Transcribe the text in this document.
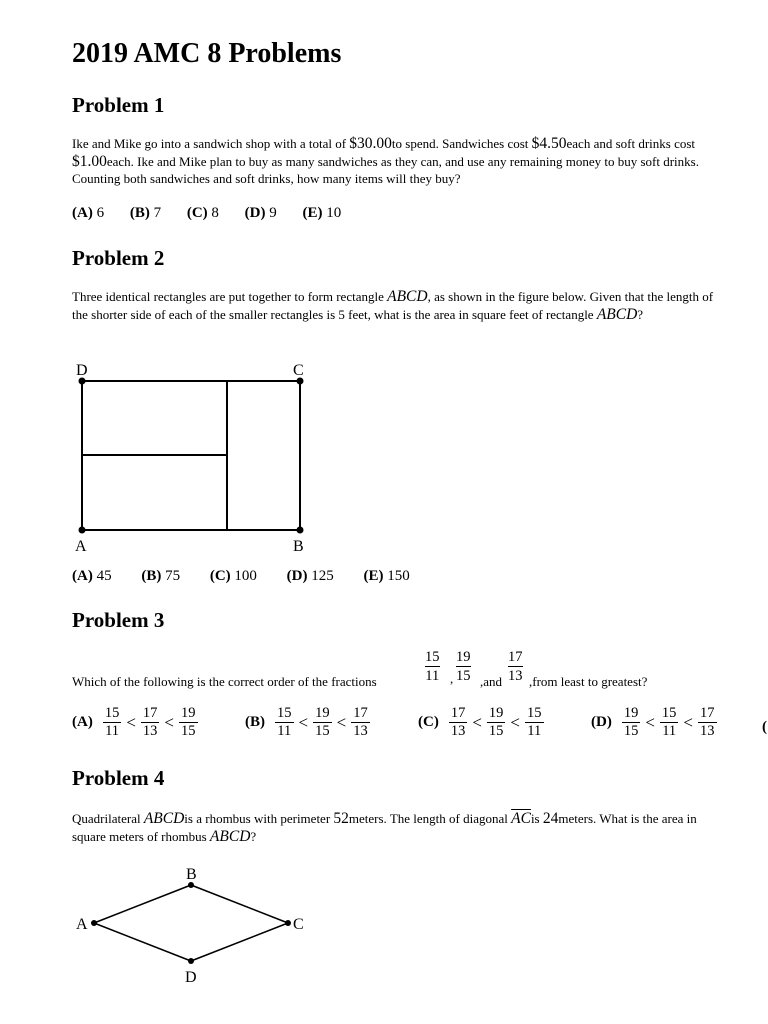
2019 AMC 8 Problems
Problem 1
Ike and Mike go into a sandwich shop with a total of $30.00to spend. Sandwiches cost $4.50each and soft drinks cost $1.00each. Ike and Mike plan to buy as many sandwiches as they can, and use any remaining money to buy soft drinks. Counting both sandwiches and soft drinks, how many items will they buy?
(A) 6 (B) 7 (C) 8 (D) 9 (E) 10
Problem 2
Three identical rectangles are put together to form rectangle ABCD, as shown in the figure below. Given that the length of the shorter side of each of the smaller rectangles is 5 feet, what is the area in square feet of rectangle ABCD?
D	C
A	B
(A) 45 (B) 75 (C) 100 (D) 125 (E) 150
Problem 3
$\frac{15}{11}$ , $\frac{19}{15}$	$\frac{17}{13}$
Which of the following is the correct order of the fractions	,and ,from least to greatest?
$(A) \frac{15}{11} < \frac{17}{13} < \frac{19}{15}$	$(B) \frac{15}{11} < \frac{19}{15} < \frac{17}{13}$	$(C) \frac{17}{13} < \frac{19}{15} < \frac{15}{11}$	$(D) \frac{19}{15} < \frac{15}{11} < \frac{17}{13}$	(
Problem 4
Quadrilateral ABCDis a rhombus with perimeter 52meters. The length of diagonal $\overline{AC}is$ 24meters. What is the area in square meters of rhombus ABCD?
A
B
C
D
